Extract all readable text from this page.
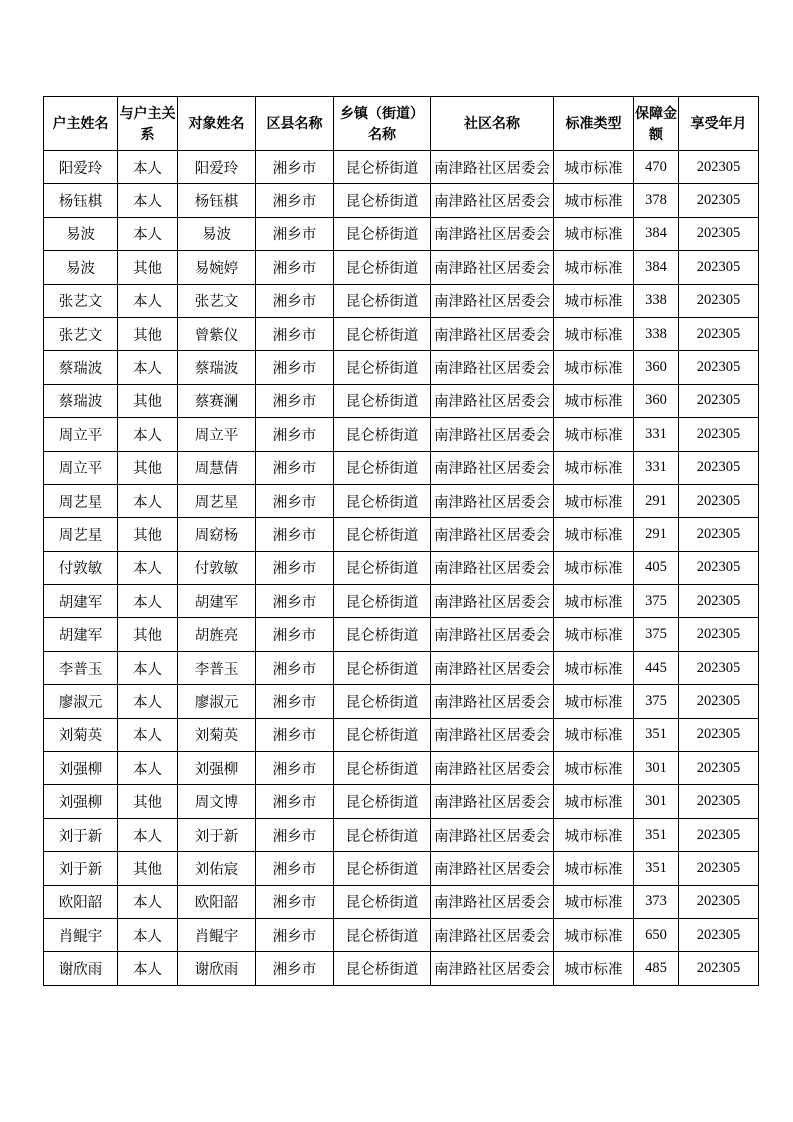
户主姓名	与户主关系	对象姓名	区县名称	乡镇（街道）名称	社区名称	标准类型	保障金额	享受年月
阳爱玲	本人	阳爱玲	湘乡市	昆仑桥街道	南津路社区居委会	城市标准	470	202305
杨钰棋	本人	杨钰棋	湘乡市	昆仑桥街道	南津路社区居委会	城市标准	378	202305
易波	本人	易波	湘乡市	昆仑桥街道	南津路社区居委会	城市标准	384	202305
易波	其他	易婉婷	湘乡市	昆仑桥街道	南津路社区居委会	城市标准	384	202305
张艺文	本人	张艺文	湘乡市	昆仑桥街道	南津路社区居委会	城市标准	338	202305
张艺文	其他	曾紫仪	湘乡市	昆仑桥街道	南津路社区居委会	城市标准	338	202305
蔡瑞波	本人	蔡瑞波	湘乡市	昆仑桥街道	南津路社区居委会	城市标准	360	202305
蔡瑞波	其他	蔡赛澜	湘乡市	昆仑桥街道	南津路社区居委会	城市标准	360	202305
周立平	本人	周立平	湘乡市	昆仑桥街道	南津路社区居委会	城市标准	331	202305
周立平	其他	周慧倩	湘乡市	昆仑桥街道	南津路社区居委会	城市标准	331	202305
周艺星	本人	周艺星	湘乡市	昆仑桥街道	南津路社区居委会	城市标准	291	202305
周艺星	其他	周窈杨	湘乡市	昆仑桥街道	南津路社区居委会	城市标准	291	202305
付敦敏	本人	付敦敏	湘乡市	昆仑桥街道	南津路社区居委会	城市标准	405	202305
胡建军	本人	胡建军	湘乡市	昆仑桥街道	南津路社区居委会	城市标准	375	202305
胡建军	其他	胡旌亮	湘乡市	昆仑桥街道	南津路社区居委会	城市标准	375	202305
李普玉	本人	李普玉	湘乡市	昆仑桥街道	南津路社区居委会	城市标准	445	202305
廖淑元	本人	廖淑元	湘乡市	昆仑桥街道	南津路社区居委会	城市标准	375	202305
刘菊英	本人	刘菊英	湘乡市	昆仑桥街道	南津路社区居委会	城市标准	351	202305
刘强柳	本人	刘强柳	湘乡市	昆仑桥街道	南津路社区居委会	城市标准	301	202305
刘强柳	其他	周文博	湘乡市	昆仑桥街道	南津路社区居委会	城市标准	301	202305
刘于新	本人	刘于新	湘乡市	昆仑桥街道	南津路社区居委会	城市标准	351	202305
刘于新	其他	刘佑宸	湘乡市	昆仑桥街道	南津路社区居委会	城市标准	351	202305
欧阳韶	本人	欧阳韶	湘乡市	昆仑桥街道	南津路社区居委会	城市标准	373	202305
肖鲲宇	本人	肖鲲宇	湘乡市	昆仑桥街道	南津路社区居委会	城市标准	650	202305
谢欣雨	本人	谢欣雨	湘乡市	昆仑桥街道	南津路社区居委会	城市标准	485	202305
